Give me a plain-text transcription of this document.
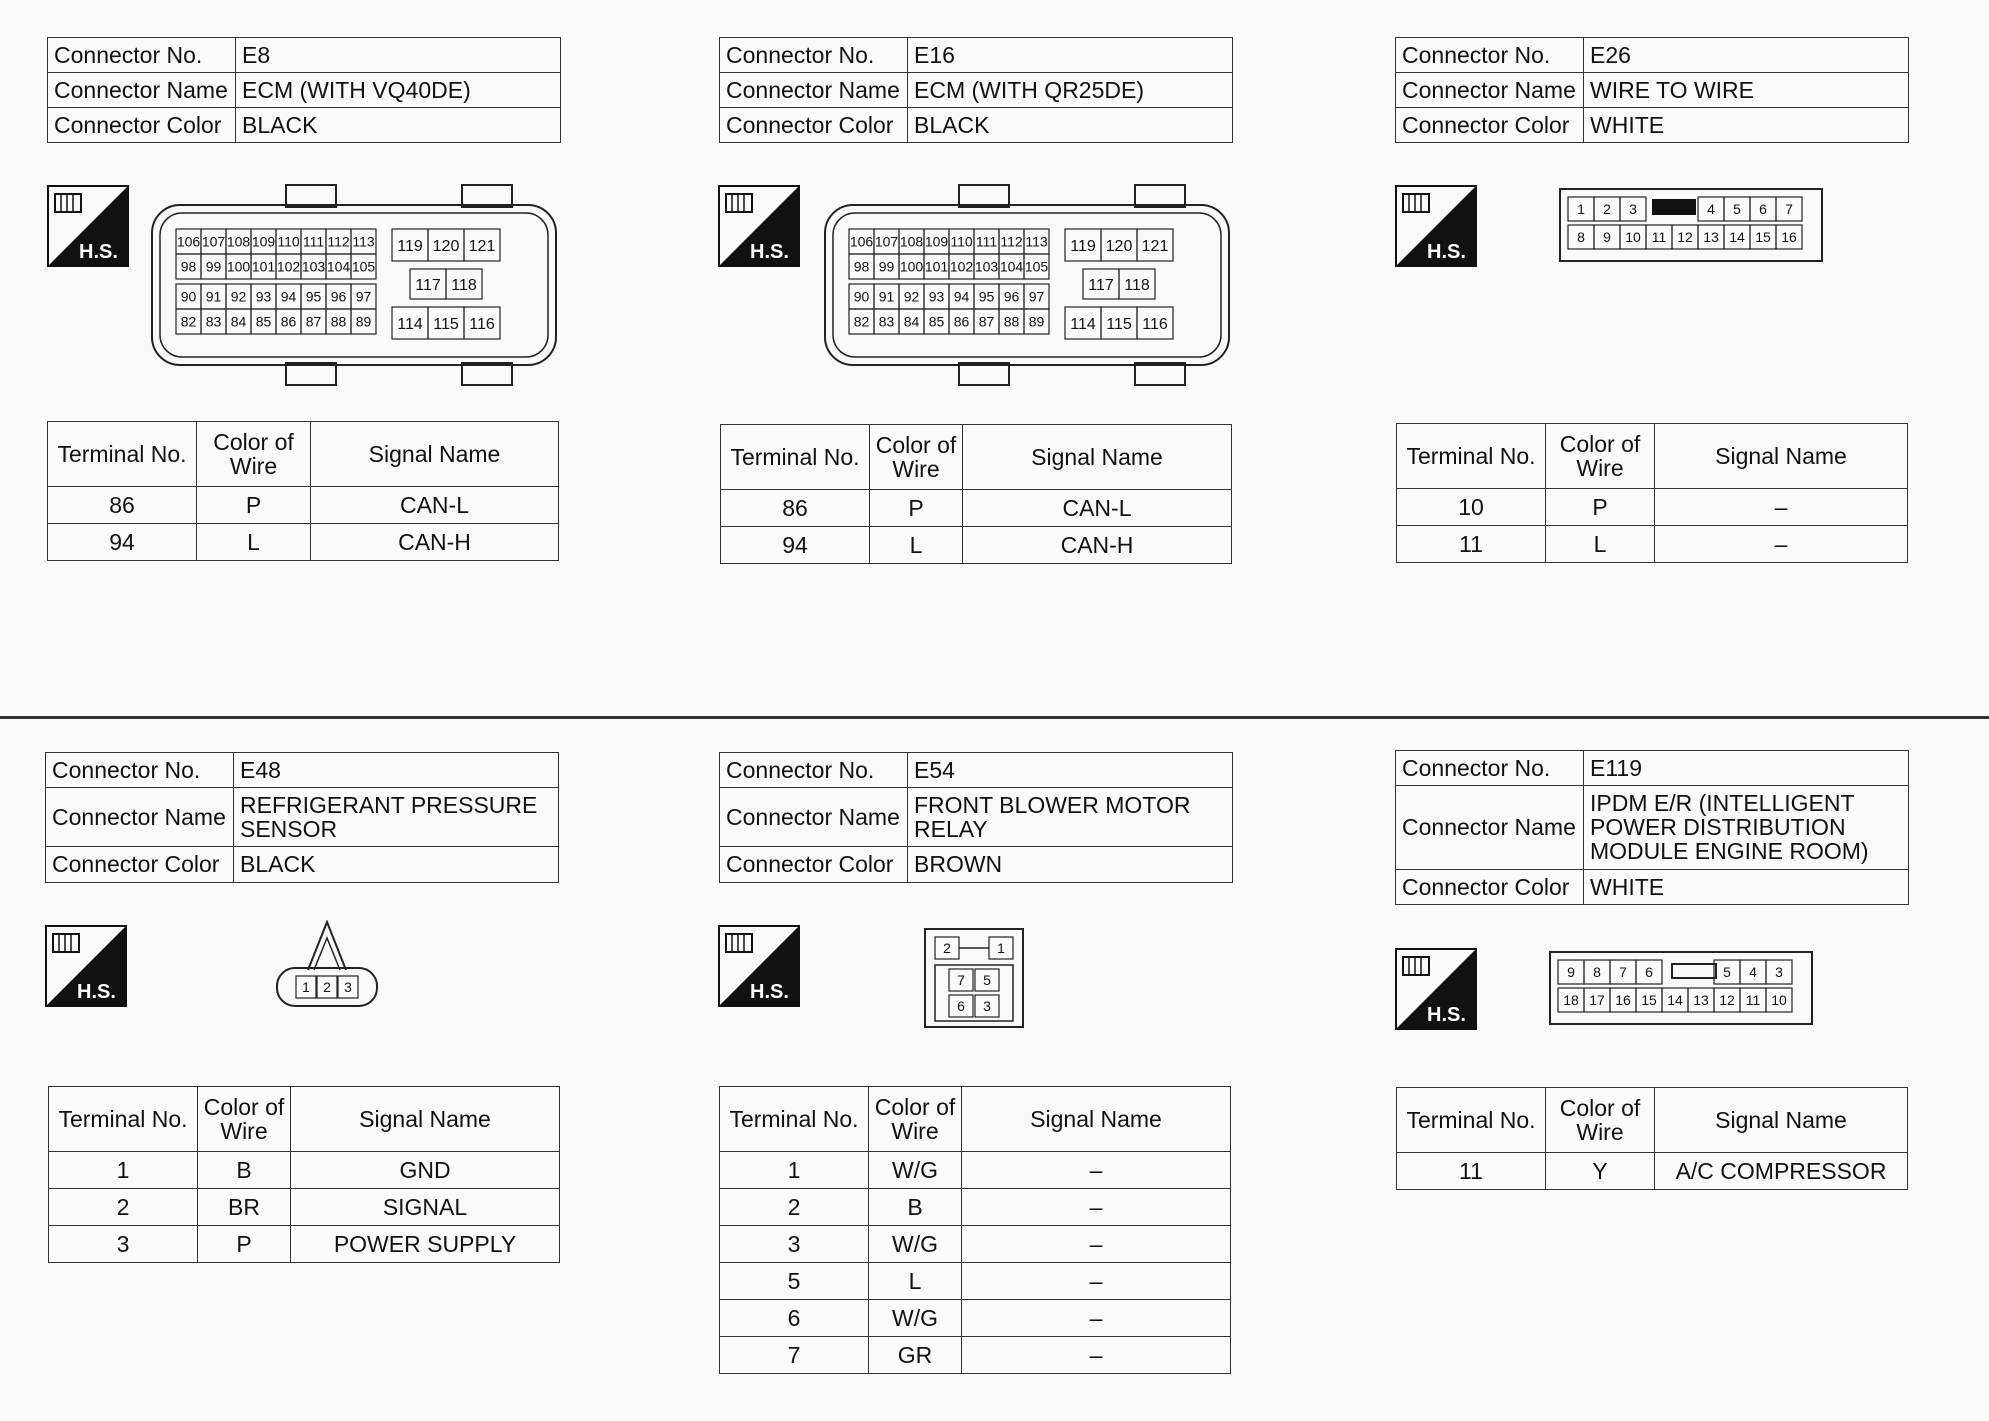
Connector No.	E8
Connector Name	ECM (WITH VQ40DE)
Connector Color	BLACK
H.S.	106 107 108 109 110 111 112 113
98 99 100 101 102 103 104 105
90 91 92 93 94 95 96 97
82 83 84 85 86 87 88 89
119 120 121
117 118
114 115 116
Terminal No.	Color of Wire	Signal Name
86	P	CAN-L
94	L	CAN-H
Connector No.	E16
Connector Name	ECM (WITH QR25DE)
Connector Color	BLACK
H.S.	106 107 108 109 110 111 112 113
98 99 100 101 102 103 104 105
90 91 92 93 94 95 96 97
82 83 84 85 86 87 88 89
119 120 121
117 118
114 115 116
Terminal No.	Color of Wire	Signal Name
86	P	CAN-L
94	L	CAN-H
Connector No.	E26
Connector Name	WIRE TO WIRE
Connector Color	WHITE
H.S.
1 2 3	4 5 6 7
8 9 10 11 12 13 14 15 16
Terminal No.	Color of Wire	Signal Name
10	P	–
11	L	–
Connector No.	E48
Connector Name	REFRIGERANT PRESSURE SENSOR
Connector Color	BLACK
H.S.	1 2 3
Terminal No.	Color of Wire	Signal Name
1	B	GND
2	BR	SIGNAL
3	P	POWER SUPPLY
Connector No.	E54
Connector Name	FRONT BLOWER MOTOR RELAY
Connector Color	BROWN
H.S.
2	1
7 5
6 3
Terminal No.	Color of Wire	Signal Name
1	W/G	–
2	B	–
3	W/G	–
5	L	–
6	W/G	–
7	GR	–
Connector No.	E119
Connector Name	IPDM E/R (INTELLIGENT POWER DISTRIBUTION MODULE ENGINE ROOM)
Connector Color	WHITE
H.S.
9 8 7 6	5 4 3
18 17 16 15 14 13 12 11 10
Terminal No.	Color of Wire	Signal Name
11	Y	A/C COMPRESSOR
